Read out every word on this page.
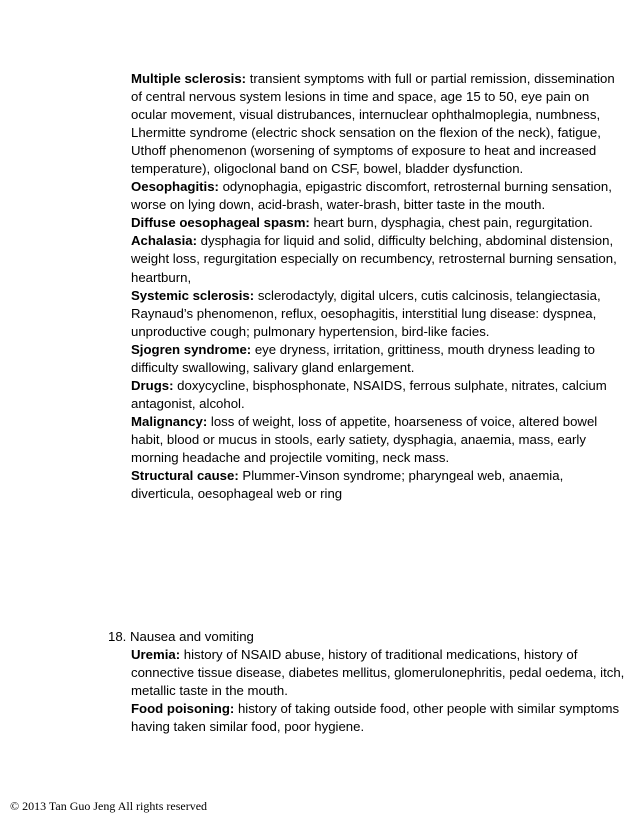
Multiple sclerosis: transient symptoms with full or partial remission, dissemination of central nervous system lesions in time and space, age 15 to 50, eye pain on ocular movement, visual distrubances, internuclear ophthalmoplegia, numbness, Lhermitte syndrome (electric shock sensation on the flexion of the neck), fatigue, Uthoff phenomenon (worsening of symptoms of exposure to heat and increased temperature), oligoclonal band on CSF, bowel, bladder dysfunction.

Oesophagitis: odynophagia, epigastric discomfort, retrosternal burning sensation, worse on lying down, acid-brash, water-brash, bitter taste in the mouth.

Diffuse oesophageal spasm: heart burn, dysphagia, chest pain, regurgitation.

Achalasia: dysphagia for liquid and solid, difficulty belching, abdominal distension, weight loss, regurgitation especially on recumbency, retrosternal burning sensation, heartburn,

Systemic sclerosis: sclerodactyly, digital ulcers, cutis calcinosis, telangiectasia, Raynaud’s phenomenon, reflux, oesophagitis, interstitial lung disease: dyspnea, unproductive cough; pulmonary hypertension, bird-like facies.

Sjogren syndrome: eye dryness, irritation, grittiness, mouth dryness leading to difficulty swallowing, salivary gland enlargement.

Drugs: doxycycline, bisphosphonate, NSAIDS, ferrous sulphate, nitrates, calcium antagonist, alcohol.

Malignancy: loss of weight, loss of appetite, hoarseness of voice, altered bowel habit, blood or mucus in stools, early satiety, dysphagia, anaemia, mass, early morning headache and projectile vomiting, neck mass.

Structural cause: Plummer-Vinson syndrome; pharyngeal web, anaemia, diverticula, oesophageal web or ring

18. Nausea and vomiting

Uremia: history of NSAID abuse, history of traditional medications, history of connective tissue disease, diabetes mellitus, glomerulonephritis, pedal oedema, itch, metallic taste in the mouth.

Food poisoning: history of taking outside food, other people with similar symptoms having taken similar food, poor hygiene.

© 2013 Tan Guo Jeng All rights reserved
